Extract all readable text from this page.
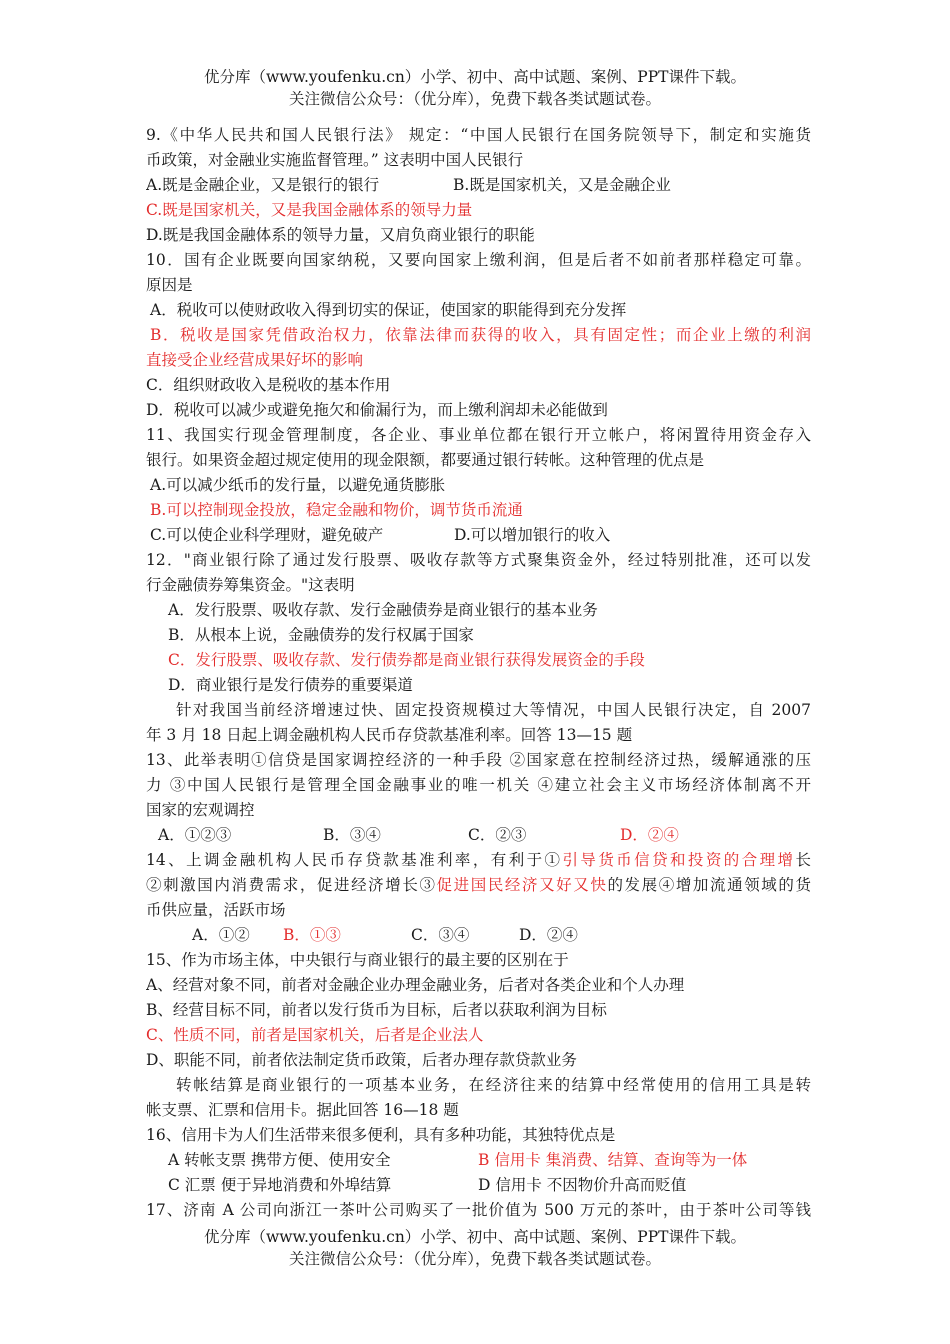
优分库（www.youfenku.cn）小学、初中、高中试题、案例、PPT课件下载。
关注微信公众号：（优分库），免费下载各类试题试卷。
9.《中华人民共和国人民银行法》 规定：“中国人民银行在国务院领导下，制定和实施货
币政策，对金融业实施监督管理。” 这表明中国人民银行
A.既是金融企业，又是银行的银行	B.既是国家机关，又是金融企业
C.既是国家机关，又是我国金融体系的领导力量
D.既是我国金融体系的领导力量，又肩负商业银行的职能
10．国有企业既要向国家纳税，又要向国家上缴利润，但是后者不如前者那样稳定可靠。
原因是
A．税收可以使财政收入得到切实的保证，使国家的职能得到充分发挥
B．税收是国家凭借政治权力，依靠法律而获得的收入，具有固定性；而企业上缴的利润
直接受企业经营成果好坏的影响
C．组织财政收入是税收的基本作用
D．税收可以减少或避免拖欠和偷漏行为，而上缴利润却未必能做到
11、我国实行现金管理制度，各企业、事业单位都在银行开立帐户，将闲置待用资金存入
银行。如果资金超过规定使用的现金限额，都要通过银行转帐。这种管理的优点是
A.可以减少纸币的发行量，以避免通货膨胀
B.可以控制现金投放，稳定金融和物价，调节货币流通
C.可以使企业科学理财，避免破产	D.可以增加银行的收入
12．"商业银行除了通过发行股票、吸收存款等方式聚集资金外，经过特别批准，还可以发
行金融债券筹集资金。"这表明
A．发行股票、吸收存款、发行金融债券是商业银行的基本业务
B．从根本上说，金融债券的发行权属于国家
C．发行股票、吸收存款、发行债券都是商业银行获得发展资金的手段
D．商业银行是发行债券的重要渠道
针对我国当前经济增速过快、固定投资规模过大等情况，中国人民银行决定，自 2007
年 3 月 18 日起上调金融机构人民币存贷款基准利率。回答 13—15 题
13、此举表明①信贷是国家调控经济的一种手段 ②国家意在控制经济过热，缓解通涨的压
力 ③中国人民银行是管理全国金融事业的唯一机关 ④建立社会主义市场经济体制离不开
国家的宏观调控
A．①②③	B．③④	C．②③	D．②④
14、上调金融机构人民币存贷款基准利率，有利于①引导货币信贷和投资的合理增长
②刺激国内消费需求，促进经济增长③促进国民经济又好又快的发展④增加流通领域的货
币供应量，活跃市场
A．①②	B．①③	C．③④	D．②④
15、作为市场主体，中央银行与商业银行的最主要的区别在于
A、经营对象不同，前者对金融企业办理金融业务，后者对各类企业和个人办理
B、经营目标不同，前者以发行货币为目标，后者以获取利润为目标
C、性质不同，前者是国家机关，后者是企业法人
D、职能不同，前者依法制定货币政策，后者办理存款贷款业务
转帐结算是商业银行的一项基本业务，在经济往来的结算中经常使用的信用工具是转
帐支票、汇票和信用卡。据此回答 16—18 题
16、信用卡为人们生活带来很多便利，具有多种功能，其独特优点是
A 转帐支票 携带方便、使用安全	B 信用卡 集消费、结算、查询等为一体
C 汇票 便于异地消费和外埠结算	D 信用卡 不因物价升高而贬值
17、济南 A 公司向浙江一茶叶公司购买了一批价值为 500 万元的茶叶，由于茶叶公司等钱
优分库（www.youfenku.cn）小学、初中、高中试题、案例、PPT课件下载。
关注微信公众号：（优分库），免费下载各类试题试卷。
